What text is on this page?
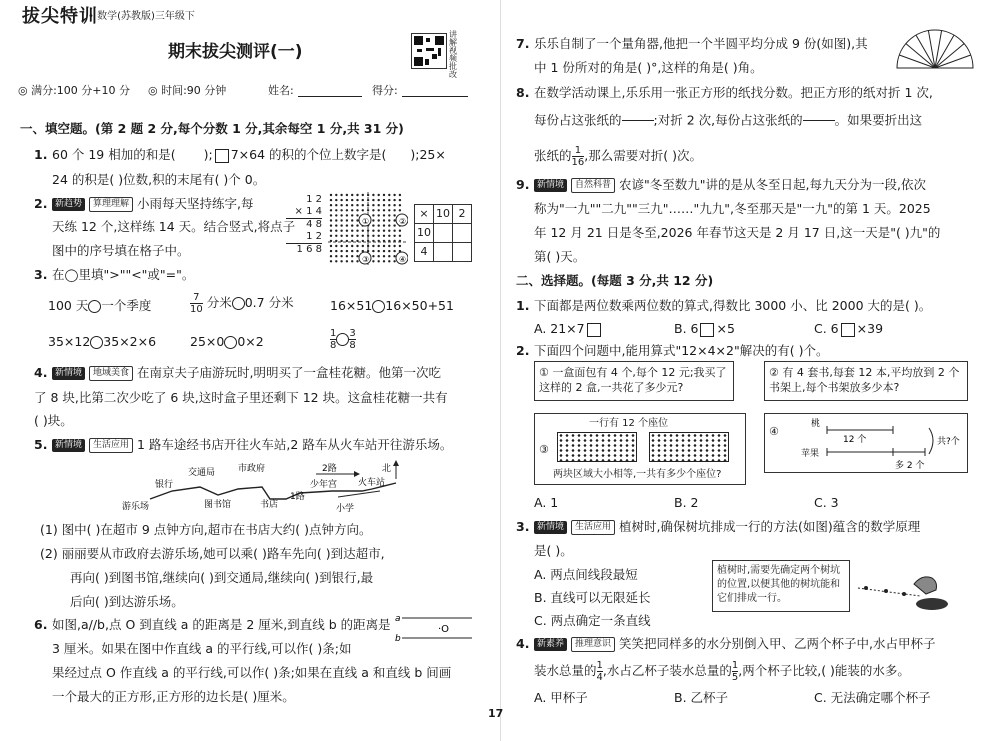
拔尖特训
• 数学(苏教版)三年级下
期末拔尖测评(一)
讲解视频批改
◎ 满分:100 分+10 分 ◎ 时间:90 分钟	姓名:	得分:
一、填空题。(第 2 题 2 分,每个分数 1 分,其余每空 1 分,共 31 分)
1. 60 个 19 相加的和是( ); 7×64 的积的个位上数字是( );25×
24 的积是( )位数,积的末尾有( )个 0。
2. 新趋势 算理理解 小雨每天坚持练字,每
天练 12 个,这样练 14 天。结合竖式,将点子
图中的序号填在格子中。
1 2
× 1 4
4 8
1 2
1 6 8
①	②
③	④
×	10	2
10		
4		
3. 在◯里填">""<"或"="。
100 天 一个季度	$\frac{7}{10}$ 分米 0.7 分米	16×51 16×50+51
35×12 35×2×6	25×0 0×2	$\frac{1}{8} \frac{3}{8}$
4. 新情境 地域美食 在南京夫子庙游玩时,明明买了一盒桂花糖。他第一次吃
了 8 块,比第二次少吃了 6 块,这时盒子里还剩下 12 块。这盒桂花糖一共有
( )块。
5. 新情境 生活应用 1 路车途经书店开往火车站,2 路车从火车站开往游乐场。
交通局	市政府	2路	北
银行	少年宫 火车站
游乐场	图书馆	书店
1路
小学
(1) 图中( )在超市 9 点钟方向,超市在书店大约( )点钟方向。
(2) 丽丽要从市政府去游乐场,她可以乘( )路车先向( )到达超市,
再向( )到图书馆,继续向( )到交通局,继续向( )到银行,最
后向( )到达游乐场。
6. 如图,a//b,点 O 到直线 a 的距离是 2 厘米,到直线 b 的距离是
3 厘米。如果在图中作直线 a 的平行线,可以作( )条;如
果经过点 O 作直线 a 的平行线,可以作( )条;如果在直线 a 和直线 b 间画
一个最大的正方形,正方形的边长是( )厘米。
a
b
·O
7. 乐乐自制了一个量角器,他把一个半圆平均分成 9 份(如图),其
中 1 份所对的角是( )°,这样的角是( )角。
8. 在数学活动课上,乐乐用一张正方形的纸找分数。把正方形的纸对折 1 次,
每份占这张纸的	;对折 2 次,每份占这张纸的	。如果要折出这
张纸的 $\frac{1}{16}$ ,那么需要对折( )次。
9. 新情境 自然科普 农谚"冬至数九"讲的是从冬至日起,每九天分为一段,依次
称为"一九""二九""三九"……"九九",冬至那天是"一九"的第 1 天。2025
年 12 月 21 日是冬至,2026 年春节这天是 2 月 17 日,这一天是"( )九"的
第( )天。
二、选择题。(每题 3 分,共 12 分)
1. 下面都是两位数乘两位数的算式,得数比 3000 小、比 2000 大的是( )。
A. 21×7	B. 6 ×5	C. 6 ×39
2. 下面四个问题中,能用算式"12×4×2"解决的有( )个。
① 一盒面包有 4 个,每个 12 元;我买了这样的 2 盒,一共花了多少元?
② 有 4 套书,每套 12 本,平均放到 2 个书架上,每个书架放多少本?
③
一行有 12 个座位
两块区域大小相等,一共有多少个座位?
④
桃
12 个
苹果
多 2 个
共?个
A. 1	B. 2	C. 3
3. 新情境 生活应用 植树时,确保树坑排成一行的方法(如图)蕴含的数学原理
是( )。
A. 两点间线段最短
B. 直线可以无限延长
C. 两点确定一条直线
植树时,需要先确定两个树坑的位置,以便其他的树坑能和它们排成一行。
4. 新素养 推理意识 笑笑把同样多的水分别倒入甲、乙两个杯子中,水占甲杯子
装水总量的 $\frac{1}{4}$ ,水占乙杯子装水总量的 $\frac{1}{5}$ ,两个杯子比较,( )能装的水多。
A. 甲杯子	B. 乙杯子	C. 无法确定哪个杯子
17
